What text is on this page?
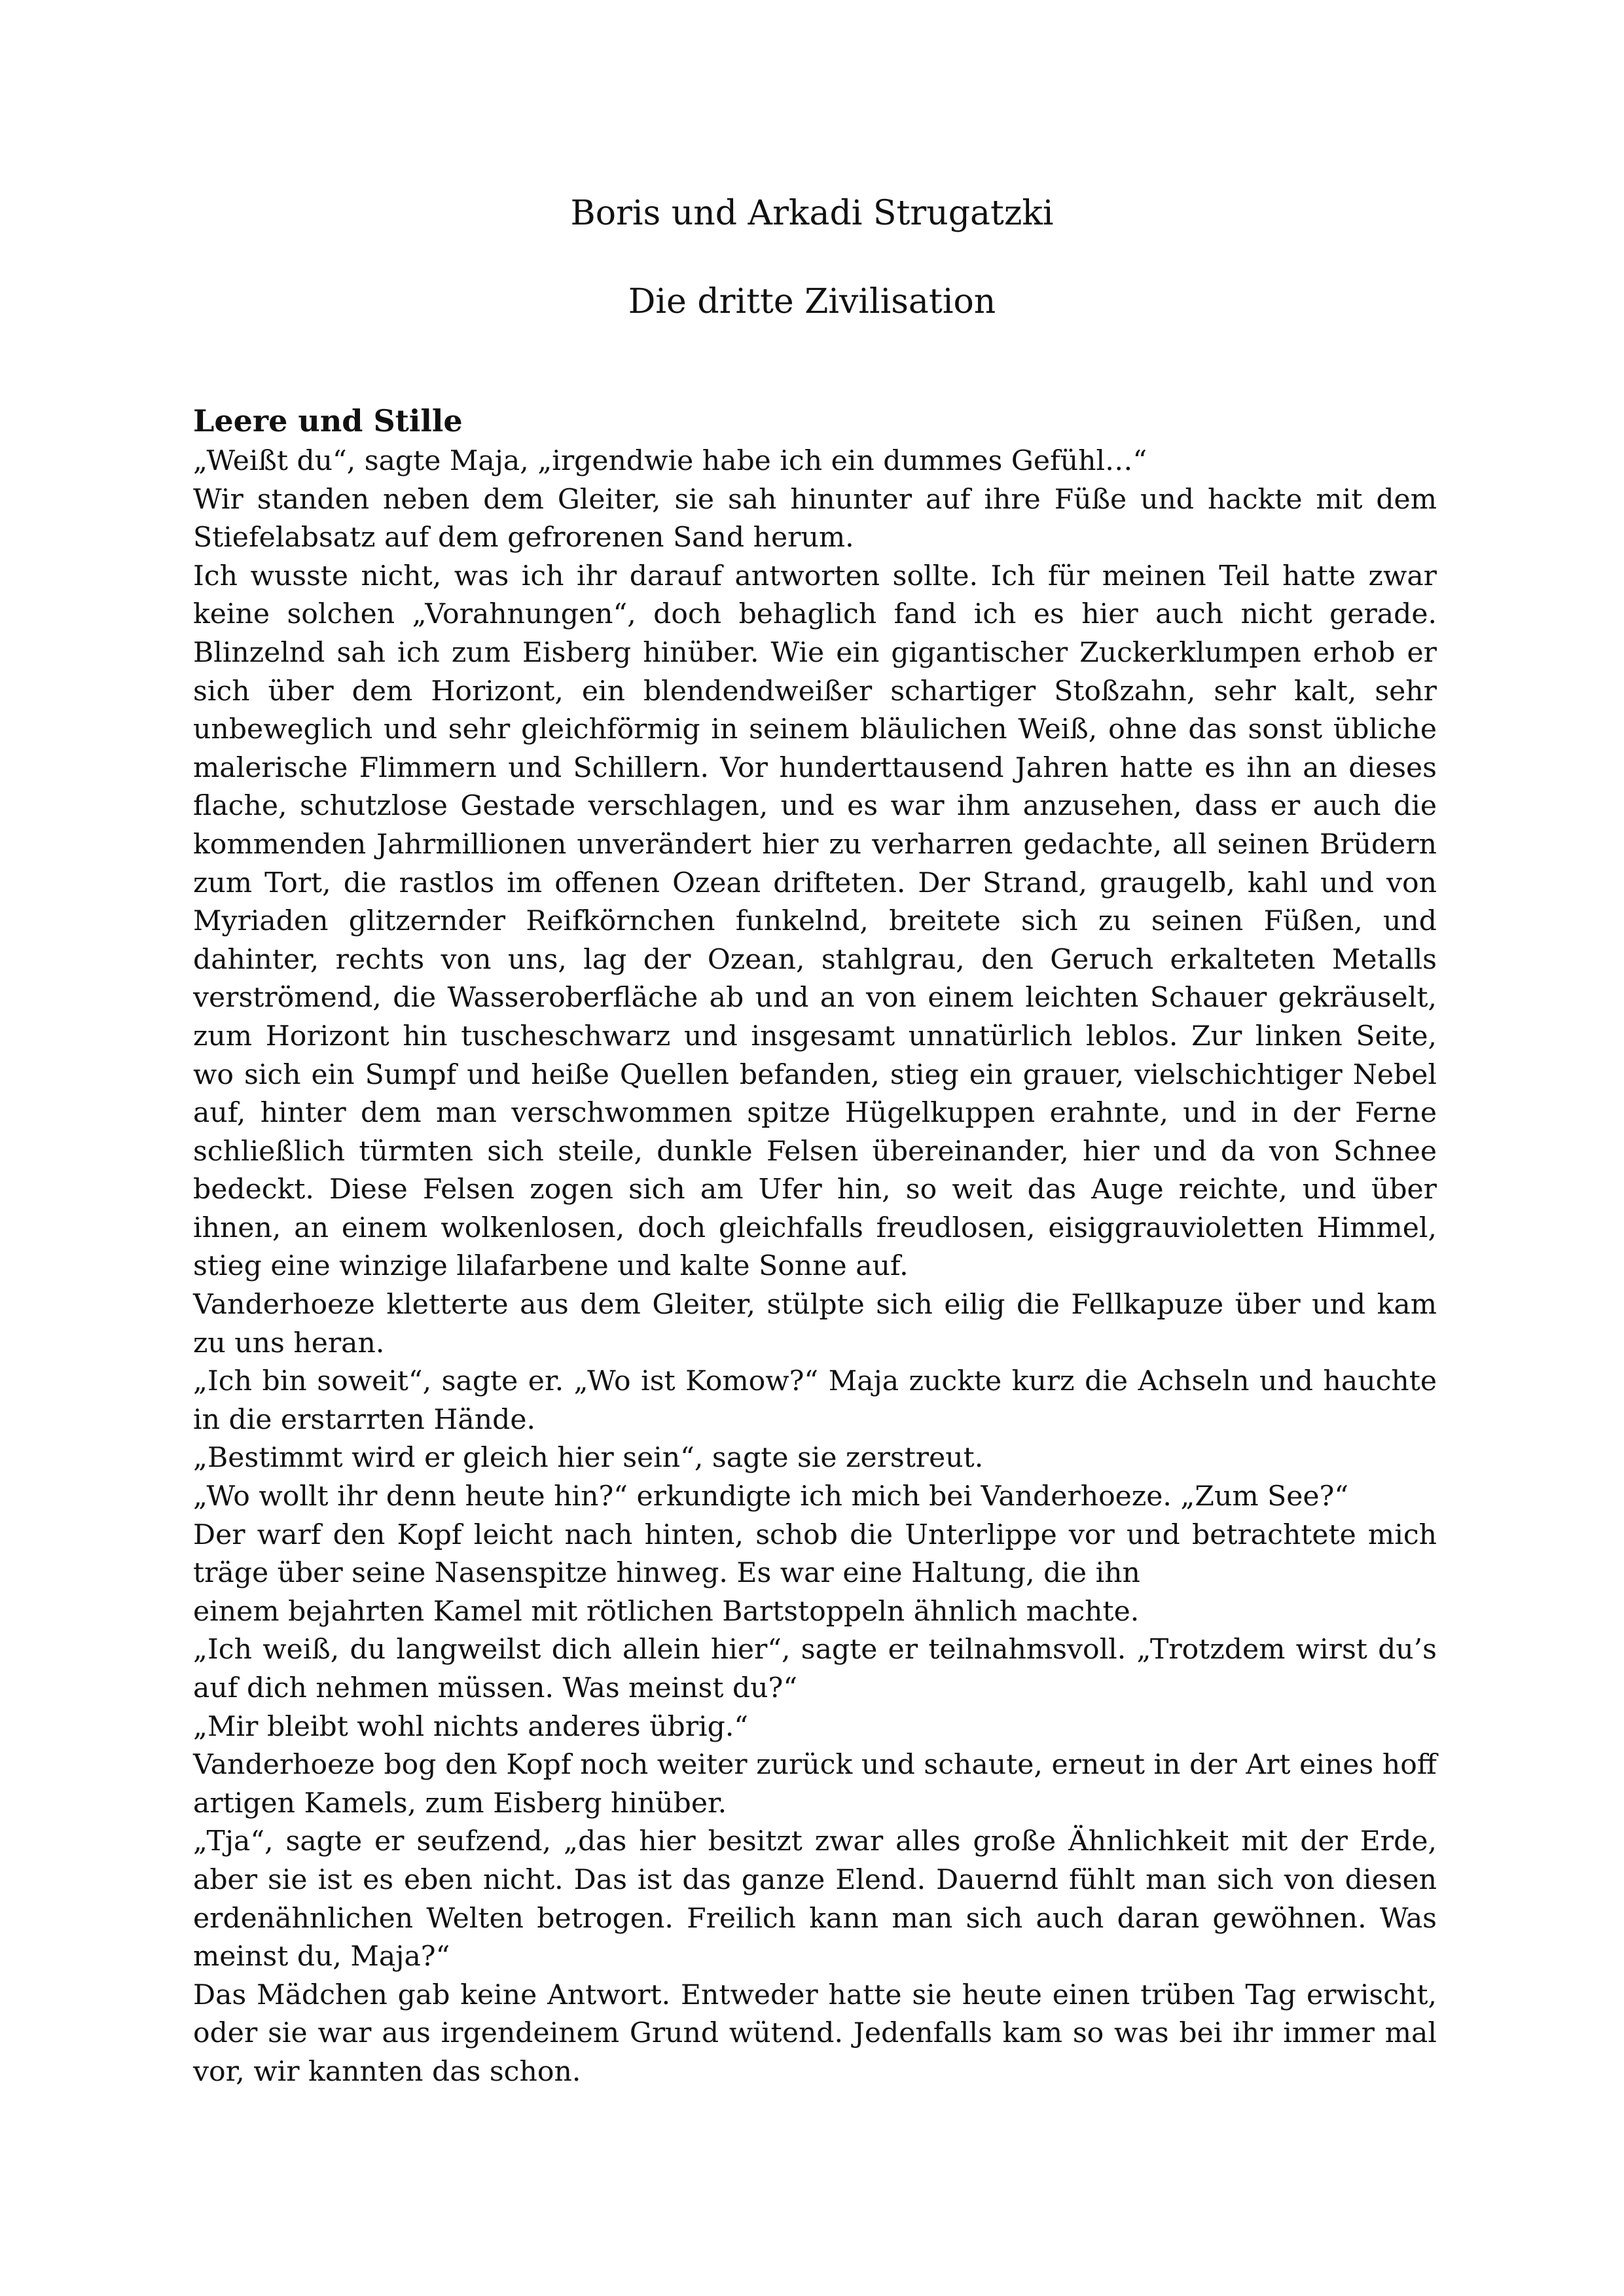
Boris und Arkadi Strugatzki
Die dritte Zivilisation
Leere und Stille

„Weißt du“, sagte Maja, „irgendwie habe ich ein dummes Gefühl…“

Wir standen neben dem Gleiter, sie sah hinunter auf ihre Füße und hackte mit dem Stiefelabsatz auf dem gefrorenen Sand herum.

Ich wusste nicht, was ich ihr darauf antworten sollte. Ich für meinen Teil hatte zwar keine solchen „Vorahnungen“, doch behaglich fand ich es hier auch nicht gerade. Blinzelnd sah ich zum Eisberg hinüber. Wie ein gigantischer Zuckerklumpen erhob er sich über dem Horizont, ein blendendweißer schartiger Stoßzahn, sehr kalt, sehr unbeweglich und sehr gleichförmig in seinem bläulichen Weiß, ohne das sonst übliche malerische Flimmern und Schillern. Vor hunderttausend Jahren hatte es ihn an dieses flache, schutzlose Gestade verschlagen, und es war ihm anzusehen, dass er auch die kommenden Jahrmillionen unverändert hier zu verharren gedachte, all seinen Brüdern zum Tort, die rastlos im offenen Ozean drifteten. Der Strand, graugelb, kahl und von Myriaden glitzernder Reifkörnchen funkelnd, breitete sich zu seinen Füßen, und dahinter, rechts von uns, lag der Ozean, stahlgrau, den Geruch erkalteten Metalls verströmend, die Wasseroberfläche ab und an von einem leichten Schauer gekräuselt, zum Horizont hin tuscheschwarz und insgesamt unnatürlich leblos. Zur linken Seite, wo sich ein Sumpf und heiße Quellen befanden, stieg ein grauer, vielschichtiger Nebel auf, hinter dem man verschwommen spitze Hügelkuppen erahnte, und in der Ferne schließlich türmten sich steile, dunkle Felsen übereinander, hier und da von Schnee bedeckt. Diese Felsen zogen sich am Ufer hin, so weit das Auge reichte, und über ihnen, an einem wolkenlosen, doch gleichfalls freudlosen, eisiggrauvioletten Himmel, stieg eine winzige lilafarbene und kalte Sonne auf.

Vanderhoeze kletterte aus dem Gleiter, stülpte sich eilig die Fellkapuze über und kam zu uns heran.

„Ich bin soweit“, sagte er. „Wo ist Komow?“ Maja zuckte kurz die Achseln und hauchte in die erstarrten Hände.

„Bestimmt wird er gleich hier sein“, sagte sie zerstreut.

„Wo wollt ihr denn heute hin?“ erkundigte ich mich bei Vanderhoeze. „Zum See?“

Der warf den Kopf leicht nach hinten, schob die Unterlippe vor und betrachtete mich träge über seine Nasenspitze hinweg. Es war eine Haltung, die ihn

einem bejahrten Kamel mit rötlichen Bartstoppeln ähnlich machte.

„Ich weiß, du langweilst dich allein hier“, sagte er teilnahmsvoll. „Trotzdem wirst du’s auf dich nehmen müssen. Was meinst du?“

„Mir bleibt wohl nichts anderes übrig.“

Vanderhoeze bog den Kopf noch weiter zurück und schaute, erneut in der Art eines hoff artigen Kamels, zum Eisberg hinüber.

„Tja“, sagte er seufzend, „das hier besitzt zwar alles große Ähnlichkeit mit der Erde, aber sie ist es eben nicht. Das ist das ganze Elend. Dauernd fühlt man sich von diesen erdenähnlichen Welten betrogen. Freilich kann man sich auch daran gewöhnen. Was meinst du, Maja?“

Das Mädchen gab keine Antwort. Entweder hatte sie heute einen trüben Tag erwischt, oder sie war aus irgendeinem Grund wütend. Jedenfalls kam so was bei ihr immer mal vor, wir kannten das schon.
